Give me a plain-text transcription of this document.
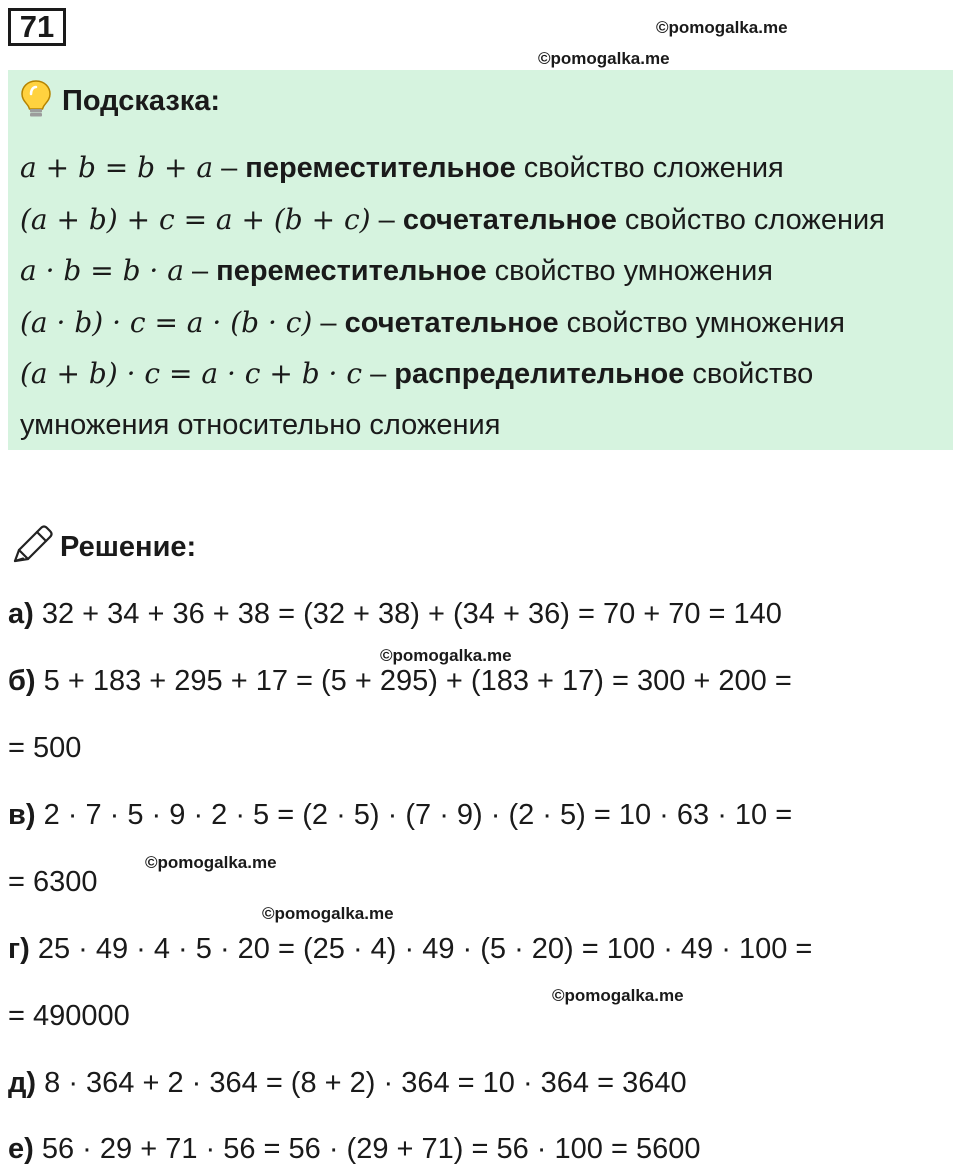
71	©pomogalka.me
©pomogalka.me
Подсказка:
a + b = b + a – переместительное свойство сложения
(a + b) + c = a + (b + c) – сочетательное свойство сложения
a · b = b · a – переместительное свойство умножения
(a · b) · c = a · (b · c) – сочетательное свойство умножения
(a + b) · c = a · c + b · c – распределительное свойство
умножения относительно сложения
Решение:
а) 32 + 34 + 36 + 38 = (32 + 38) + (34 + 36) = 70 + 70 = 140
б) 5 + 183 + 295 + 17 = (5 + 295) + (183 + 17) = 300 + 200 =
= 500
в) 2 · 7 · 5 · 9 · 2 · 5 = (2 · 5) · (7 · 9) · (2 · 5) = 10 · 63 · 10 =
= 6300
г) 25 · 49 · 4 · 5 · 20 = (25 · 4) · 49 · (5 · 20) = 100 · 49 · 100 =
= 490000
д) 8 · 364 + 2 · 364 = (8 + 2) · 364 = 10 · 364 = 3640
е) 56 · 29 + 71 · 56 = 56 · (29 + 71) = 56 · 100 = 5600
©pomogalka.me
©pomogalka.me
©pomogalka.me
©pomogalka.me
